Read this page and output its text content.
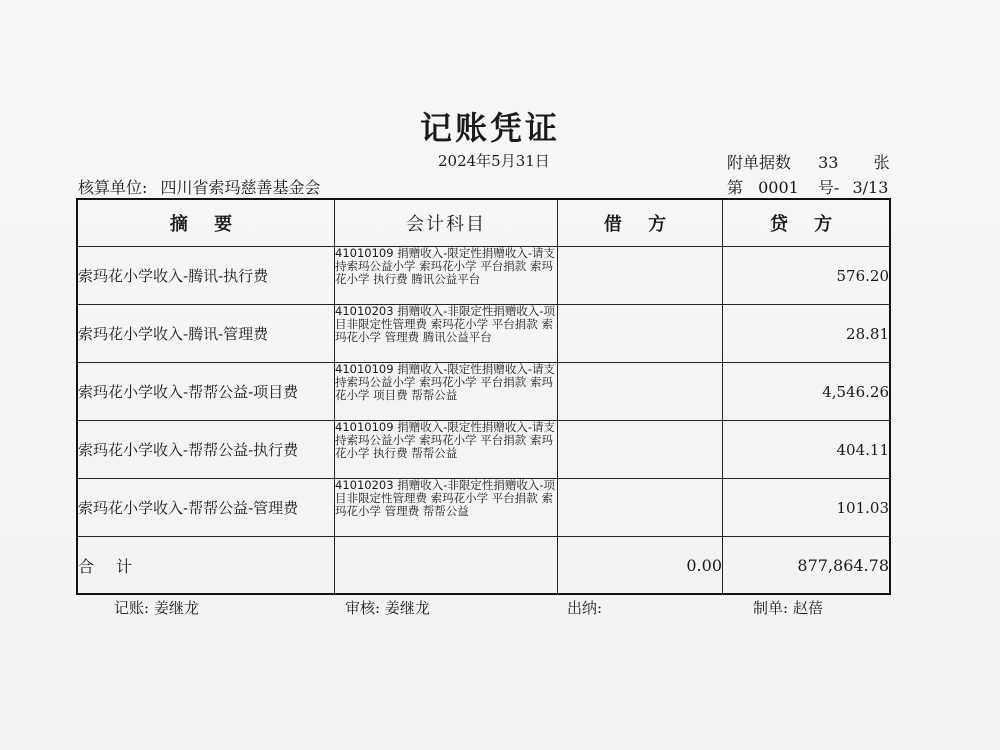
记账凭证
2024年5月31日	附单据数 33 张
核算单位: 四川省索玛慈善基金会	第 0001 号- 3/13
摘 要	会计科目	借 方	贷 方
索玛花小学收入-腾讯-执行费	41010109 捐赠收入-限定性捐赠收入-请支持索玛公益小学 索玛花小学 平台捐款 索玛花小学 执行费 腾讯公益平台		576.20
索玛花小学收入-腾讯-管理费	41010203 捐赠收入-非限定性捐赠收入-项目非限定性管理费 索玛花小学 平台捐款 索玛花小学 管理费 腾讯公益平台		28.81
索玛花小学收入-帮帮公益-项目费	41010109 捐赠收入-限定性捐赠收入-请支持索玛公益小学 索玛花小学 平台捐款 索玛花小学 项目费 帮帮公益		4,546.26
索玛花小学收入-帮帮公益-执行费	41010109 捐赠收入-限定性捐赠收入-请支持索玛公益小学 索玛花小学 平台捐款 索玛花小学 执行费 帮帮公益		404.11
索玛花小学收入-帮帮公益-管理费	41010203 捐赠收入-非限定性捐赠收入-项目非限定性管理费 索玛花小学 平台捐款 索玛花小学 管理费 帮帮公益		101.03
合计		0.00	877,864.78
记账: 姜继龙	审核: 姜继龙	出纳:	制单: 赵蓓
